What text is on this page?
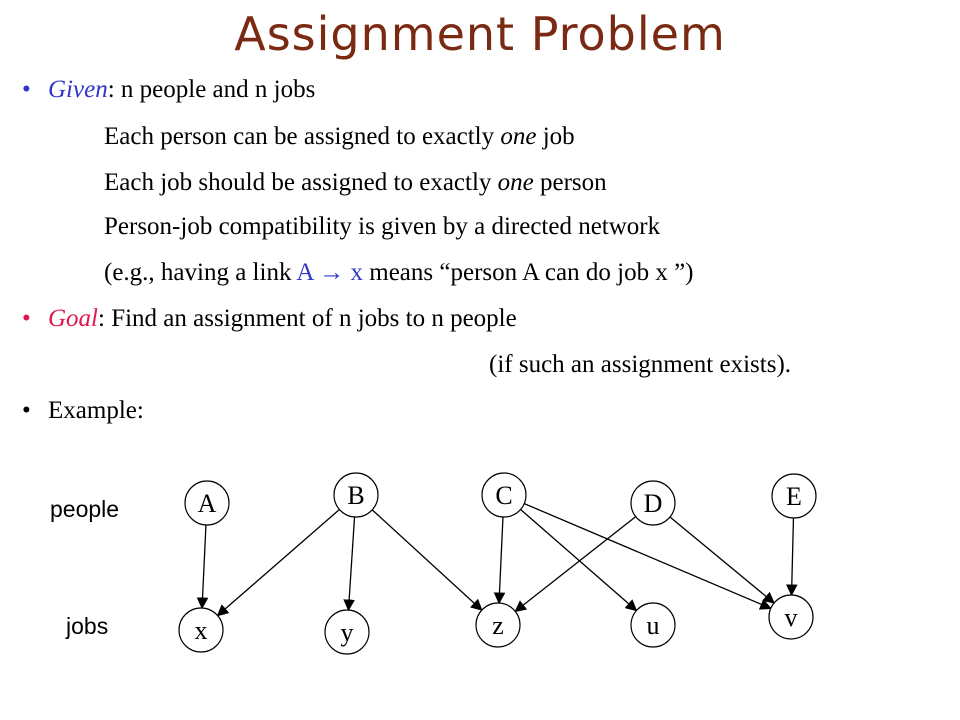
Assignment Problem
• Given: n people and n jobs
Each person can be assigned to exactly one job
Each job should be assigned to exactly one person
Person-job compatibility is given by a directed network
(e.g., having a link A → x means “person A can do job x ”)
• Goal: Find an assignment of n jobs to n people
(if such an assignment exists).
• Example:
A	B	C	D	E
x	y	z	u	v
people
jobs
